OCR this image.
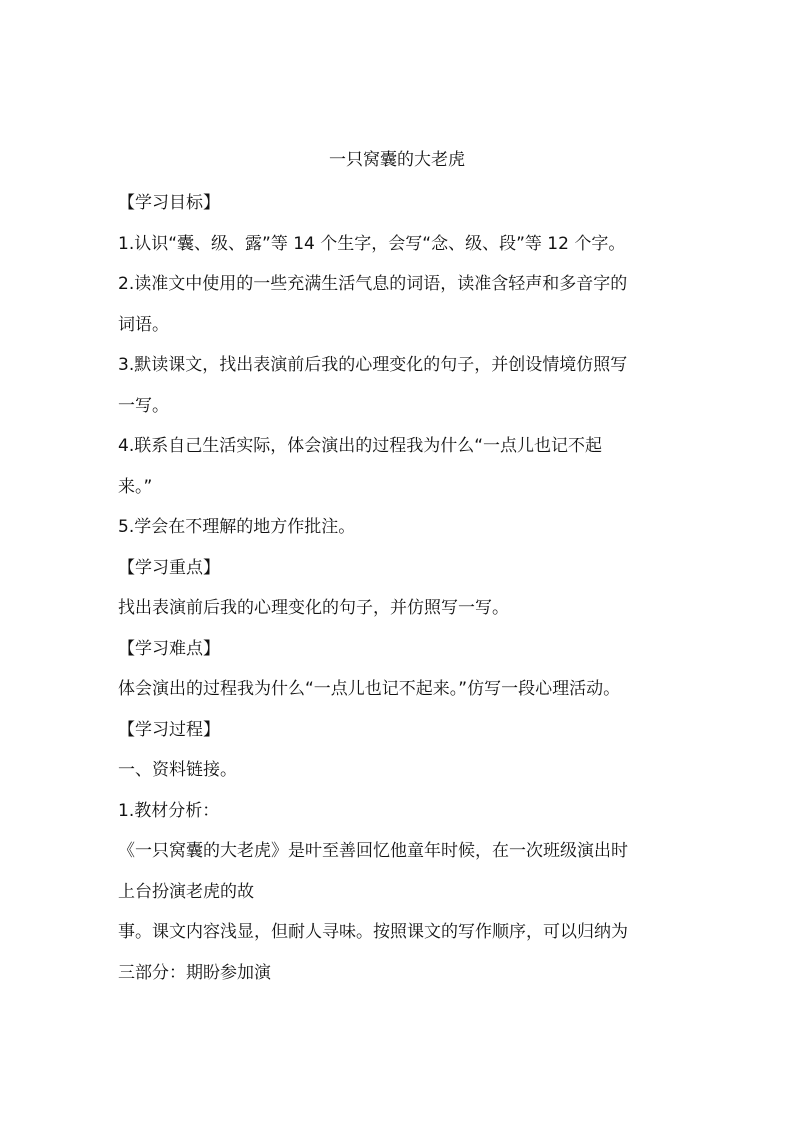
一只窝囊的大老虎
【学习目标】
1.认识“囊、级、露”等 14 个生字，会写“念、级、段”等 12 个字。
2.读准文中使用的一些充满生活气息的词语，读准含轻声和多音字的
词语。
3.默读课文，找出表演前后我的心理变化的句子，并创设情境仿照写
一写。
4.联系自己生活实际，体会演出的过程我为什么“一点儿也记不起
来。”
5.学会在不理解的地方作批注。
【学习重点】
找出表演前后我的心理变化的句子，并仿照写一写。
【学习难点】
体会演出的过程我为什么“一点儿也记不起来。”仿写一段心理活动。
【学习过程】
一、资料链接。
1.教材分析：
《一只窝囊的大老虎》是叶至善回忆他童年时候，在一次班级演出时
上台扮演老虎的故
事。课文内容浅显，但耐人寻味。按照课文的写作顺序，可以归纳为
三部分：期盼参加演
